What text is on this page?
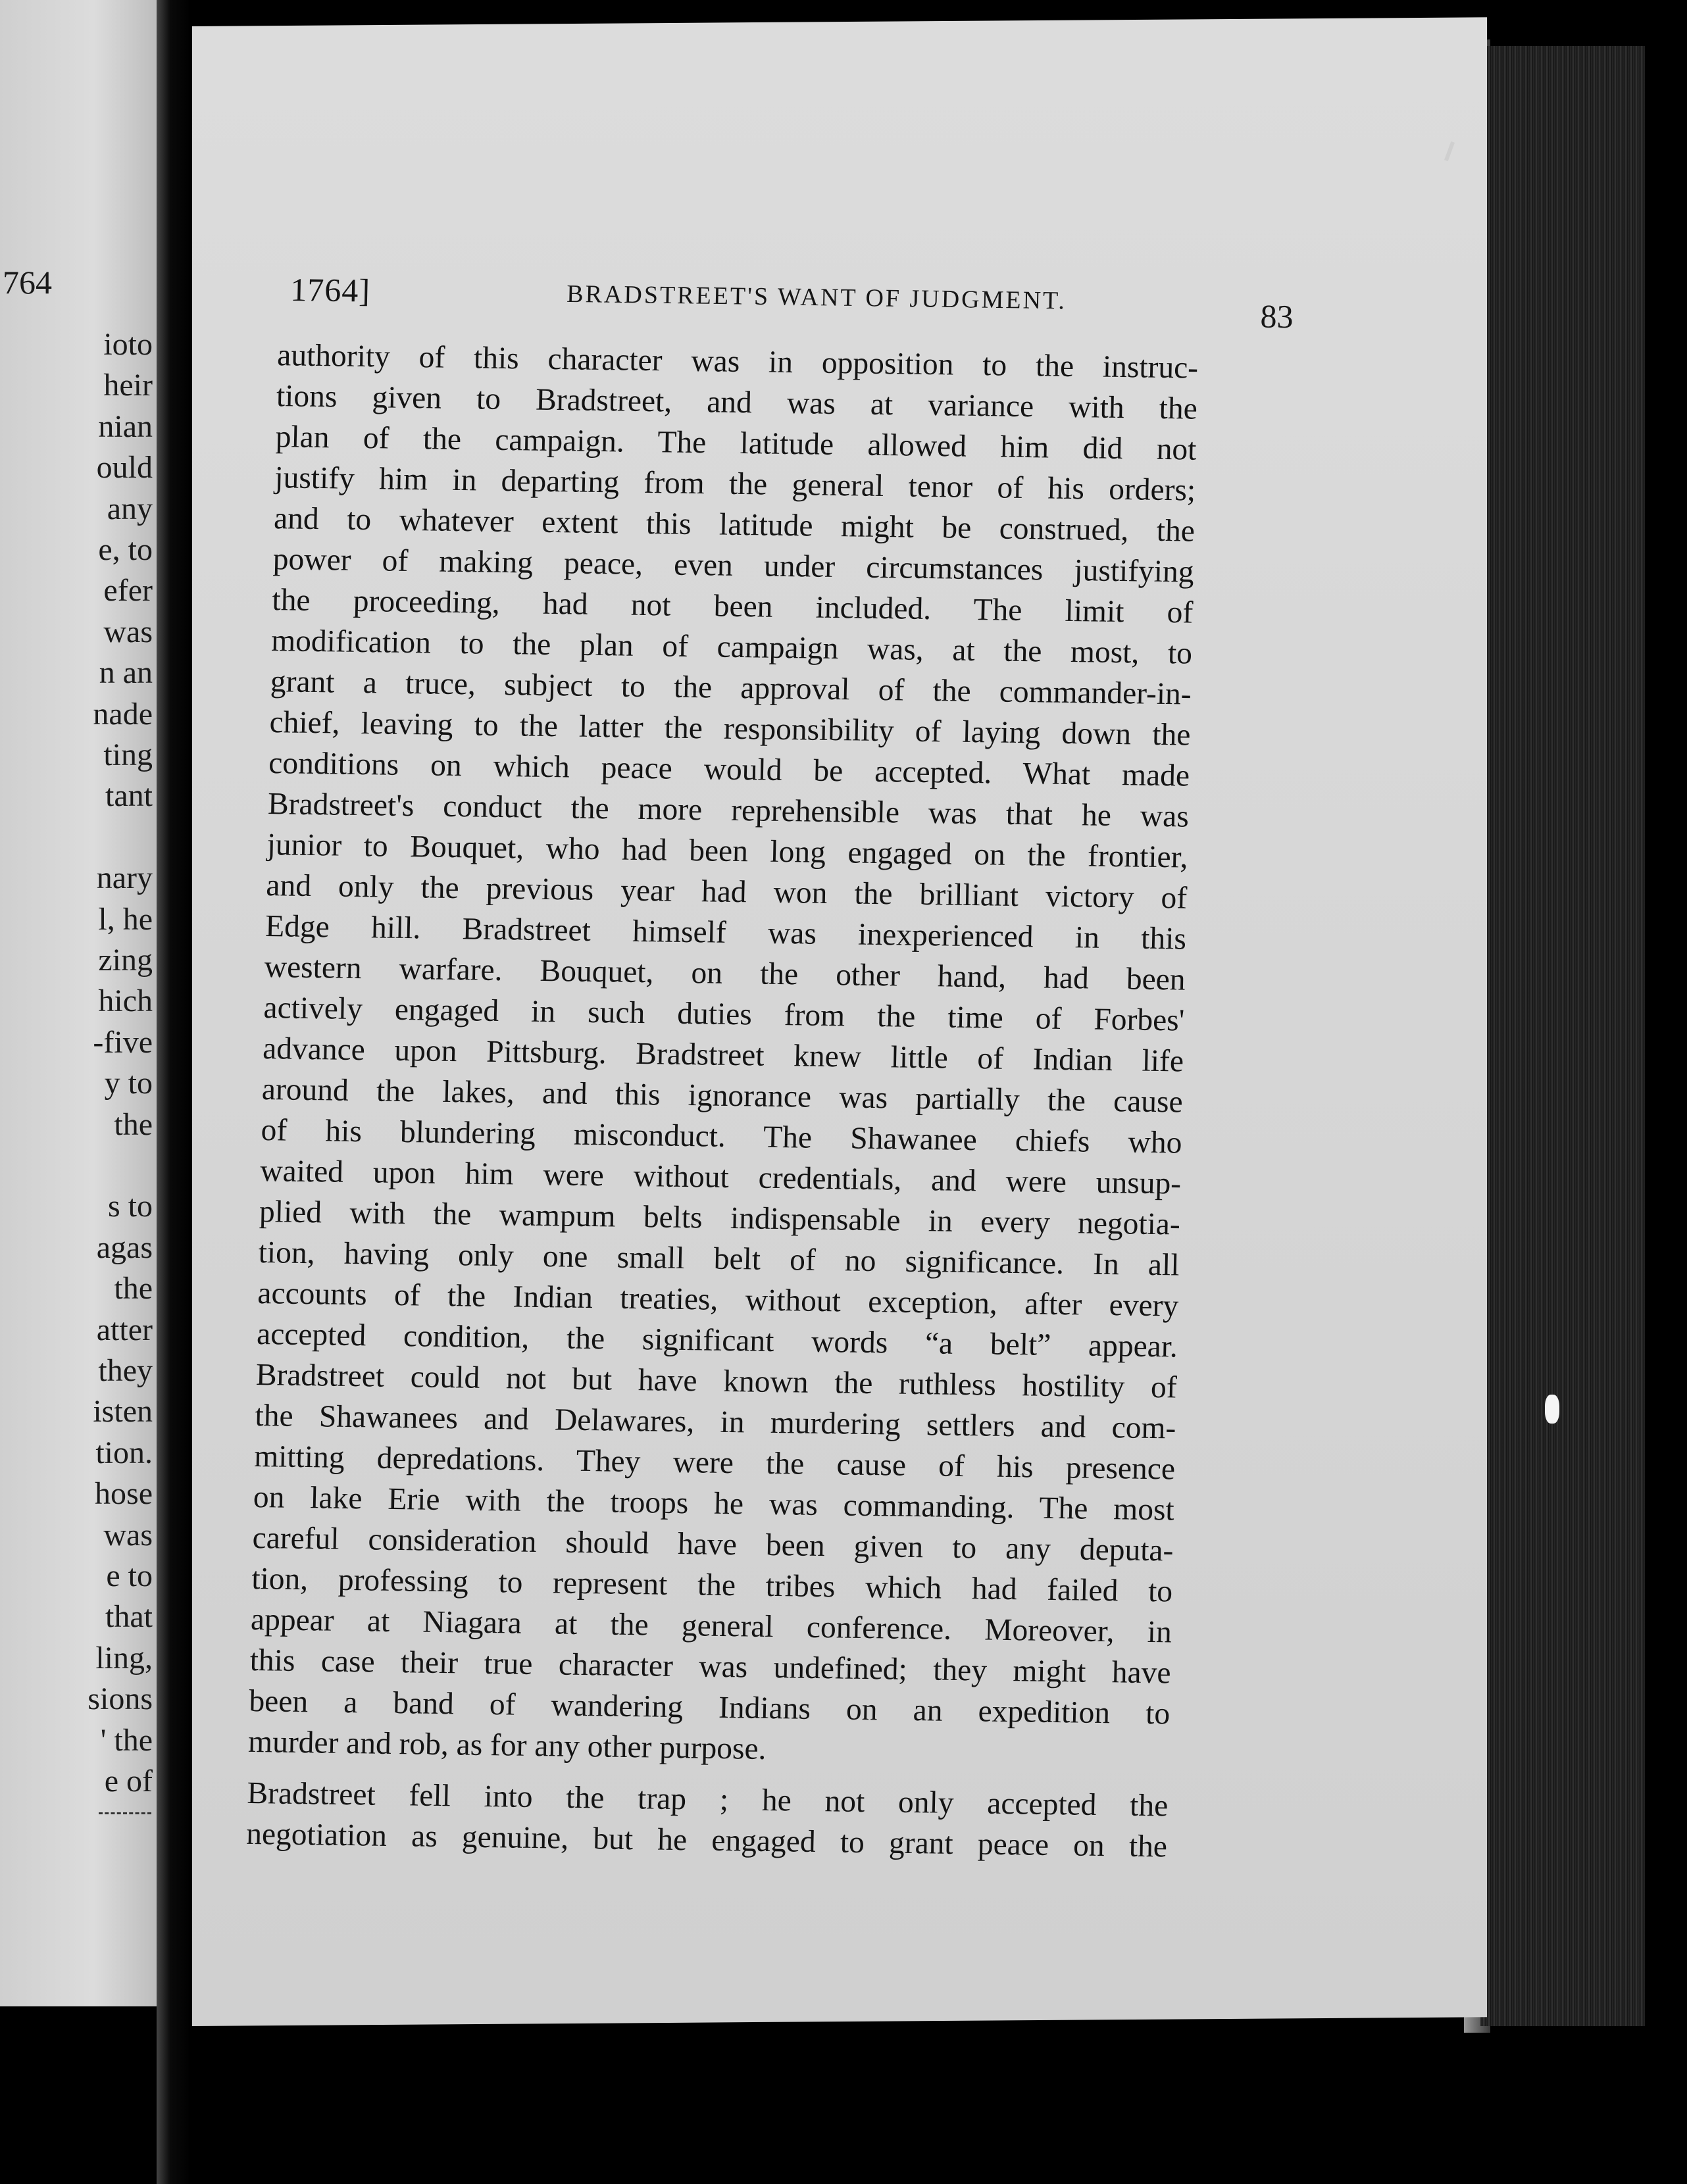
764
ioto
heir
nian
ould
any
e, to
efer
was
n an
nade
ting
tant
nary
l, he
zing
hich
-five
y to
the
s to
agas
the
atter
they
isten
tion.
hose
was
e to
that
ling,
sions
' the
e of
1764]	BRADSTREET'S WANT OF JUDGMENT.
83
authority of this character was in opposition to the instruc-
tions given to Bradstreet, and was at variance with the
plan of the campaign. The latitude allowed him did not
justify him in departing from the general tenor of his orders;
and to whatever extent this latitude might be construed, the
power of making peace, even under circumstances justifying
the proceeding, had not been included. The limit of
modification to the plan of campaign was, at the most, to
grant a truce, subject to the approval of the commander-in-
chief, leaving to the latter the responsibility of laying down the
conditions on which peace would be accepted. What made
Bradstreet's conduct the more reprehensible was that he was
junior to Bouquet, who had been long engaged on the frontier,
and only the previous year had won the brilliant victory of
Edge hill. Bradstreet himself was inexperienced in this
western warfare. Bouquet, on the other hand, had been
actively engaged in such duties from the time of Forbes'
advance upon Pittsburg. Bradstreet knew little of Indian life
around the lakes, and this ignorance was partially the cause
of his blundering misconduct. The Shawanee chiefs who
waited upon him were without credentials, and were unsup-
plied with the wampum belts indispensable in every negotia-
tion, having only one small belt of no significance. In all
accounts of the Indian treaties, without exception, after every
accepted condition, the significant words “a belt” appear.
Bradstreet could not but have known the ruthless hostility of
the Shawanees and Delawares, in murdering settlers and com-
mitting depredations. They were the cause of his presence
on lake Erie with the troops he was commanding. The most
careful consideration should have been given to any deputa-
tion, professing to represent the tribes which had failed to
appear at Niagara at the general conference. Moreover, in
this case their true character was undefined; they might have
been a band of wandering Indians on an expedition to
murder and rob, as for any other purpose.
Bradstreet fell into the trap ; he not only accepted the
negotiation as genuine, but he engaged to grant peace on the
